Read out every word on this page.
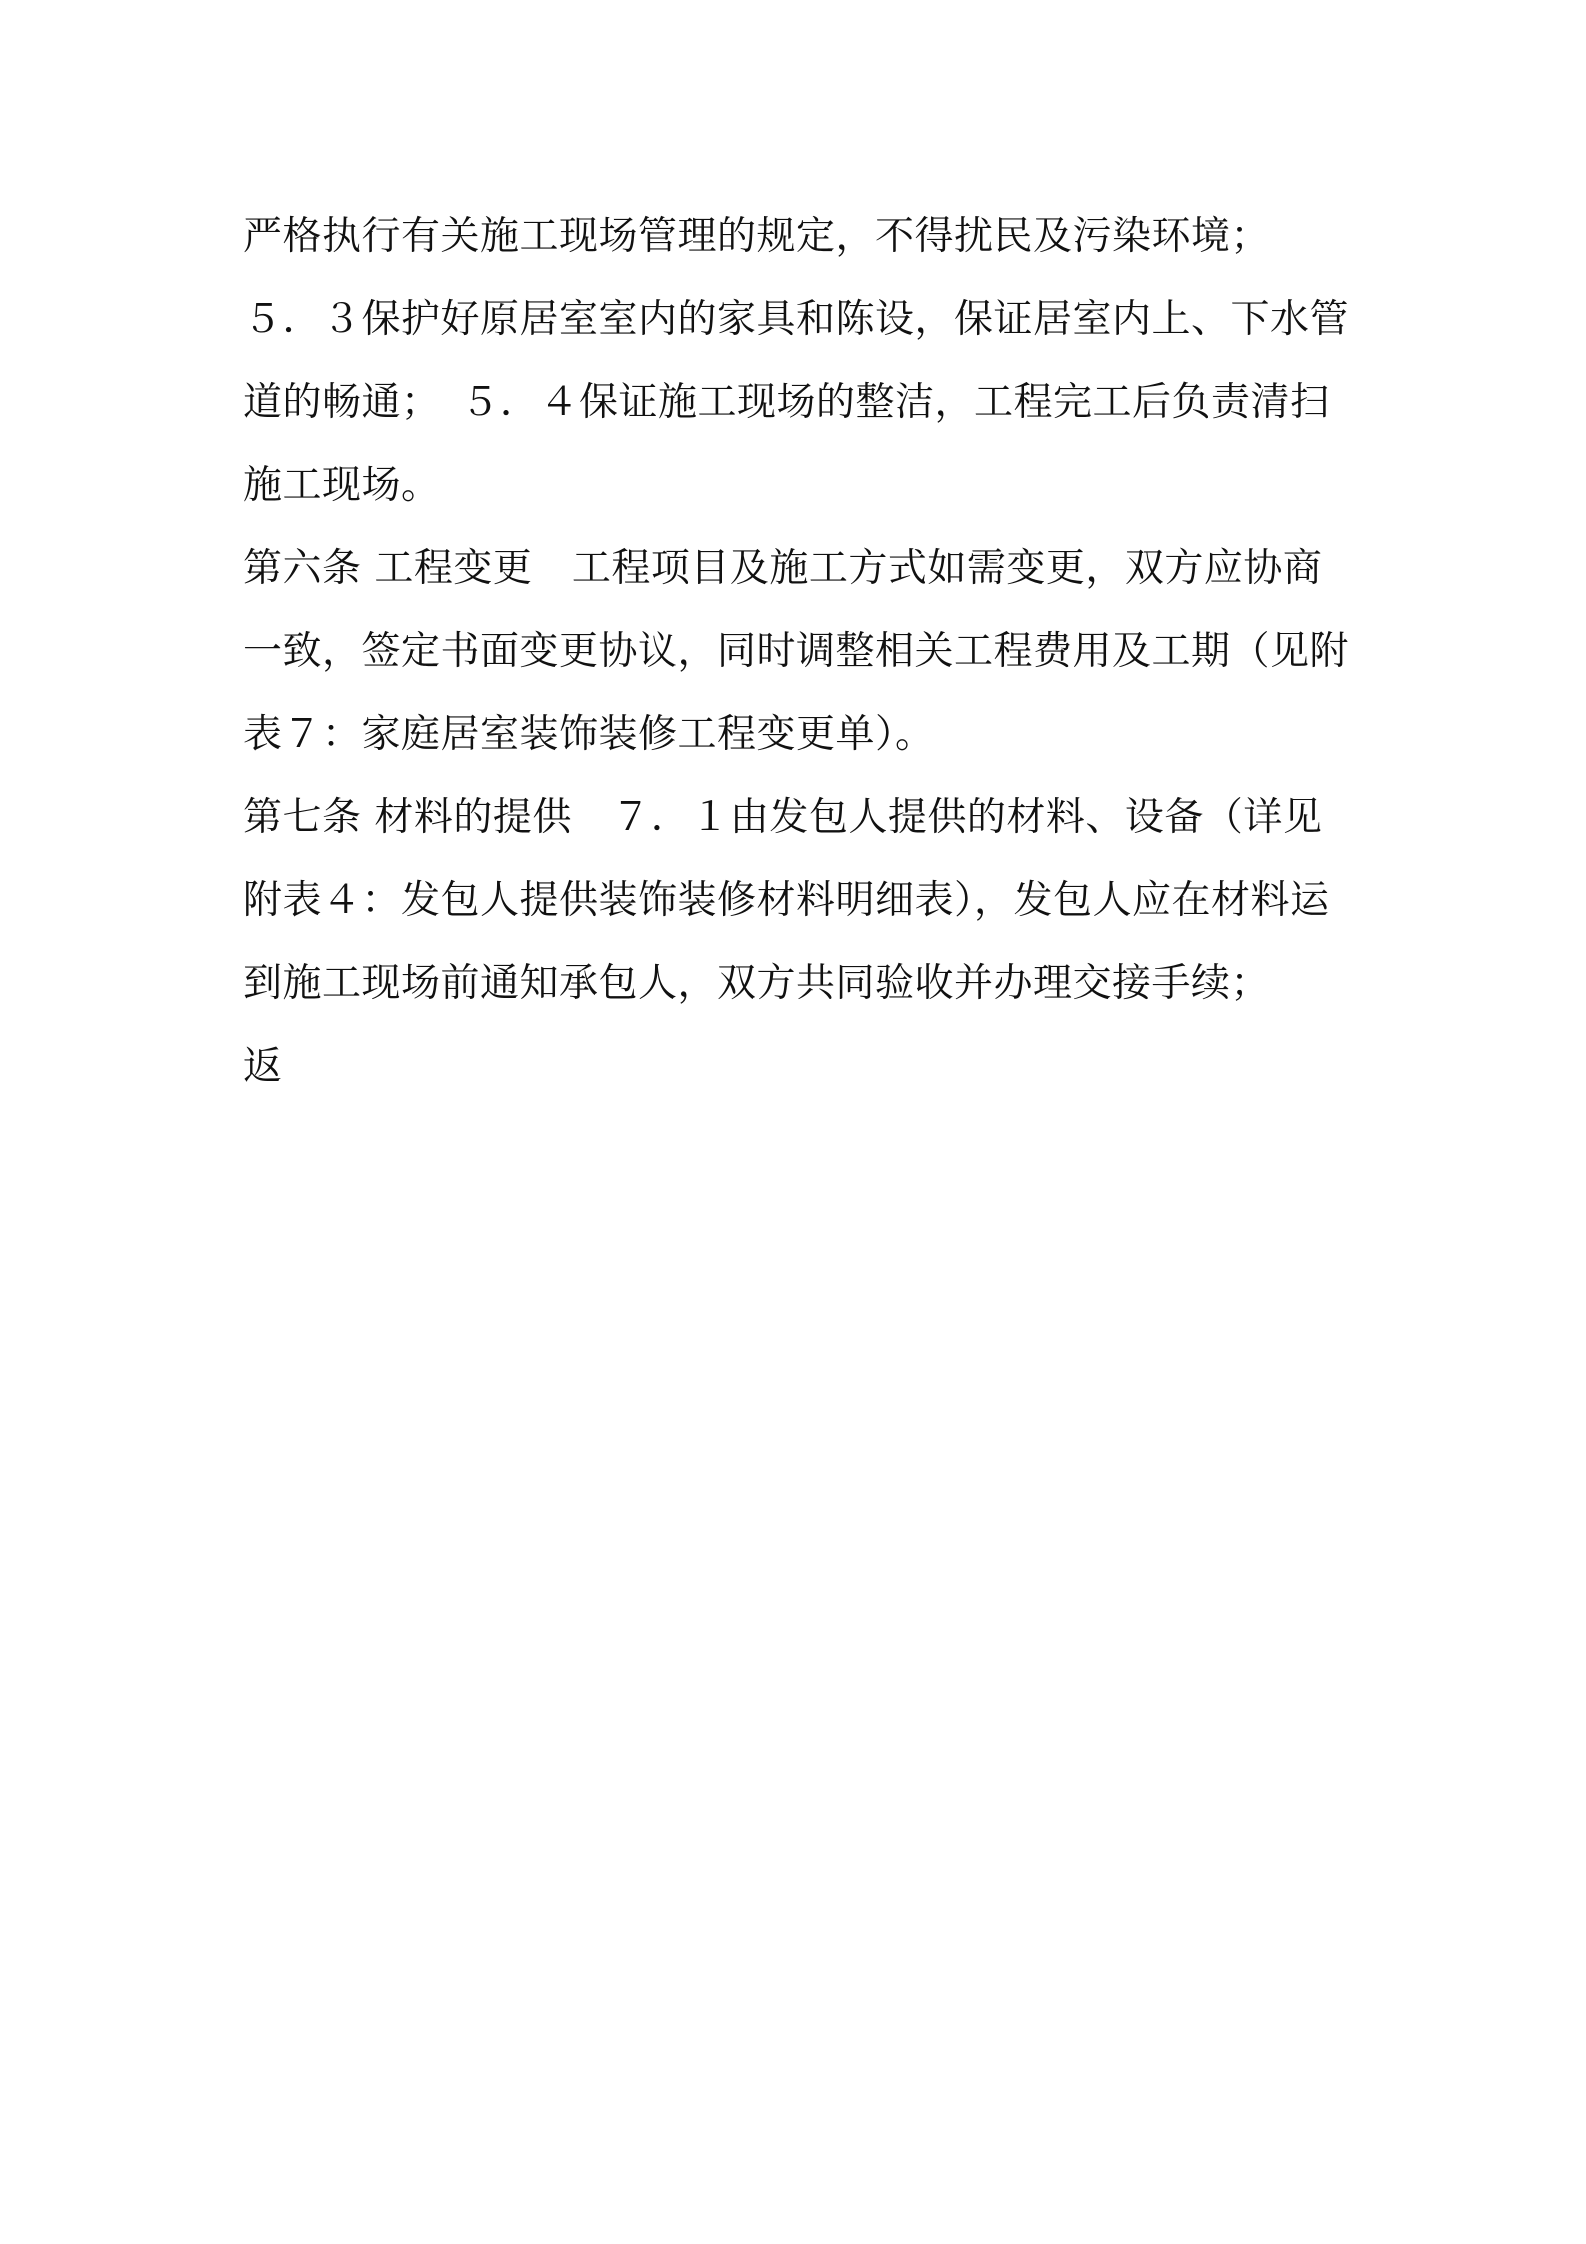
严格执行有关施工现场管理的规定，不得扰民及污染环境；
５．３保护好原居室室内的家具和陈设，保证居室内上、下水管
道的畅通；　５．４保证施工现场的整洁，工程完工后负责清扫
施工现场。
第六条 工程变更　工程项目及施工方式如需变更，双方应协商
一致，签定书面变更协议，同时调整相关工程费用及工期（见附
表７：家庭居室装饰装修工程变更单）。
第七条 材料的提供　７．１由发包人提供的材料、设备（详见
附表４：发包人提供装饰装修材料明细表），发包人应在材料运
到施工现场前通知承包人，双方共同验收并办理交接手续；
返
